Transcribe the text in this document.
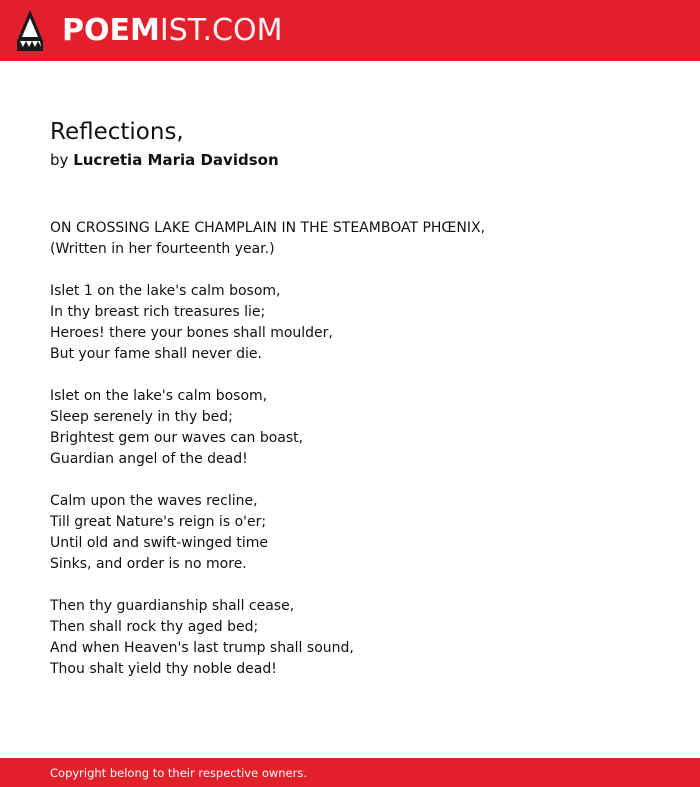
POEMIST.COM
Reflections,
by Lucretia Maria Davidson
ON CROSSING LAKE CHAMPLAIN IN THE STEAMBOAT PHŒNIX,
(Written in her fourteenth year.)
Islet 1 on the lake's calm bosom,
In thy breast rich treasures lie;
Heroes! there your bones shall moulder,
But your fame shall never die.
Islet on the lake's calm bosom,
Sleep serenely in thy bed;
Brightest gem our waves can boast,
Guardian angel of the dead!
Calm upon the waves recline,
Till great Nature's reign is o'er;
Until old and swift-winged time
Sinks, and order is no more.
Then thy guardianship shall cease,
Then shall rock thy aged bed;
And when Heaven's last trump shall sound,
Thou shalt yield thy noble dead!
Copyright belong to their respective owners.
